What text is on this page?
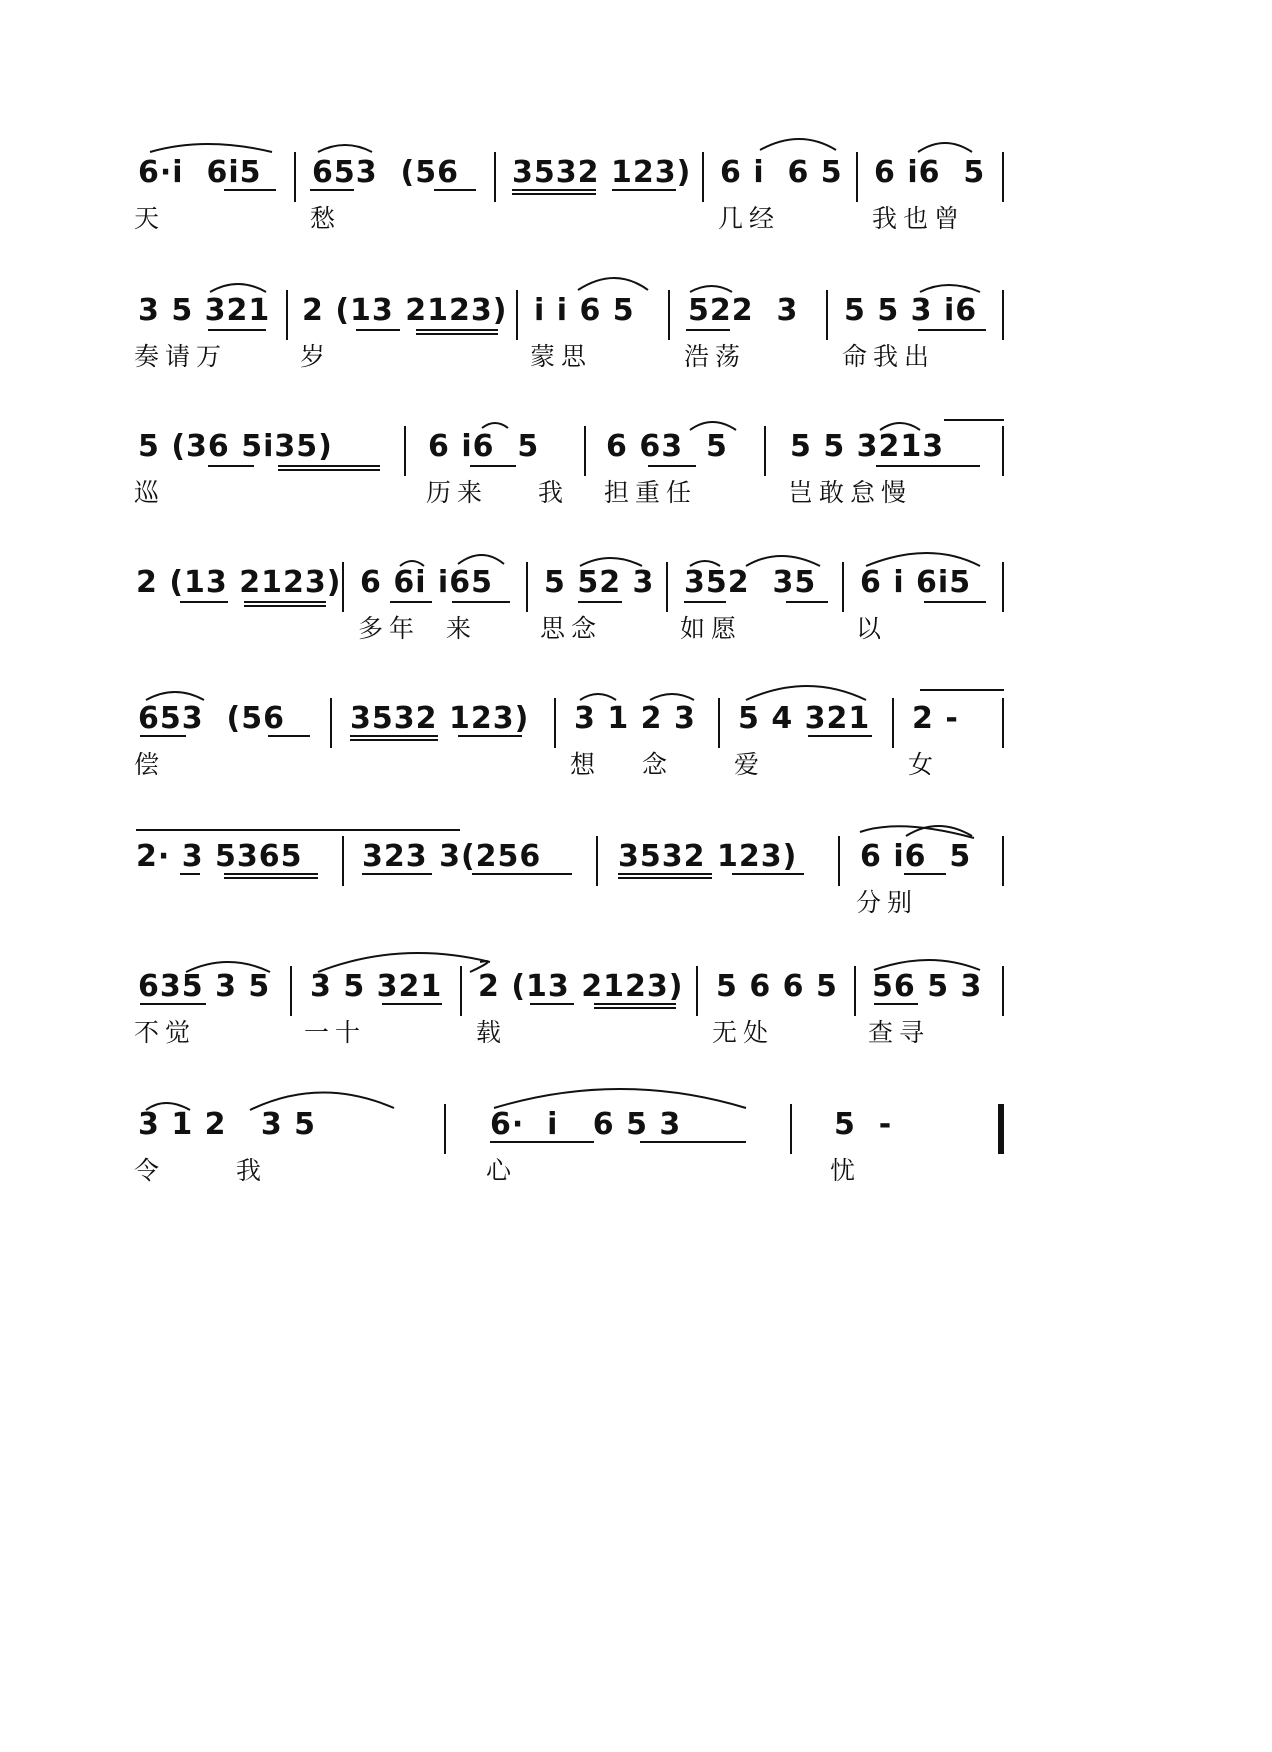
6·i  6i5 653  (56 3532 123) 6 i  6 5 6 i6  5
天	愁	几经	我也曾
3 5 321 2 (13 2123) i i 6 5 522  3 5 5 3 i6
奏请万	岁	蒙思	浩荡	命我出
5 (36 5i35)	6 i6  5 6 63  5 5 5 3213
巡	历来 我 担重任	岂敢怠慢
2 (13 2123) 6 6i i65 5 52 3 352  35 6 i 6i5
多年 来	思念	如愿	以
653  (56 3532 123) 3 1 2 3 5 4 321 2 -
偿	想 念 爱	女
2· 3 5365 323 3(256	3532 123) 6 i6  5
分别
635 3 5 3 5 321 2 (13 2123) 5 6 6 5 56 5 3
不觉	一十	载	无处	查寻
3 1 2   3 5	6·  i   6 5 3	5  -
令	我	心	忧
